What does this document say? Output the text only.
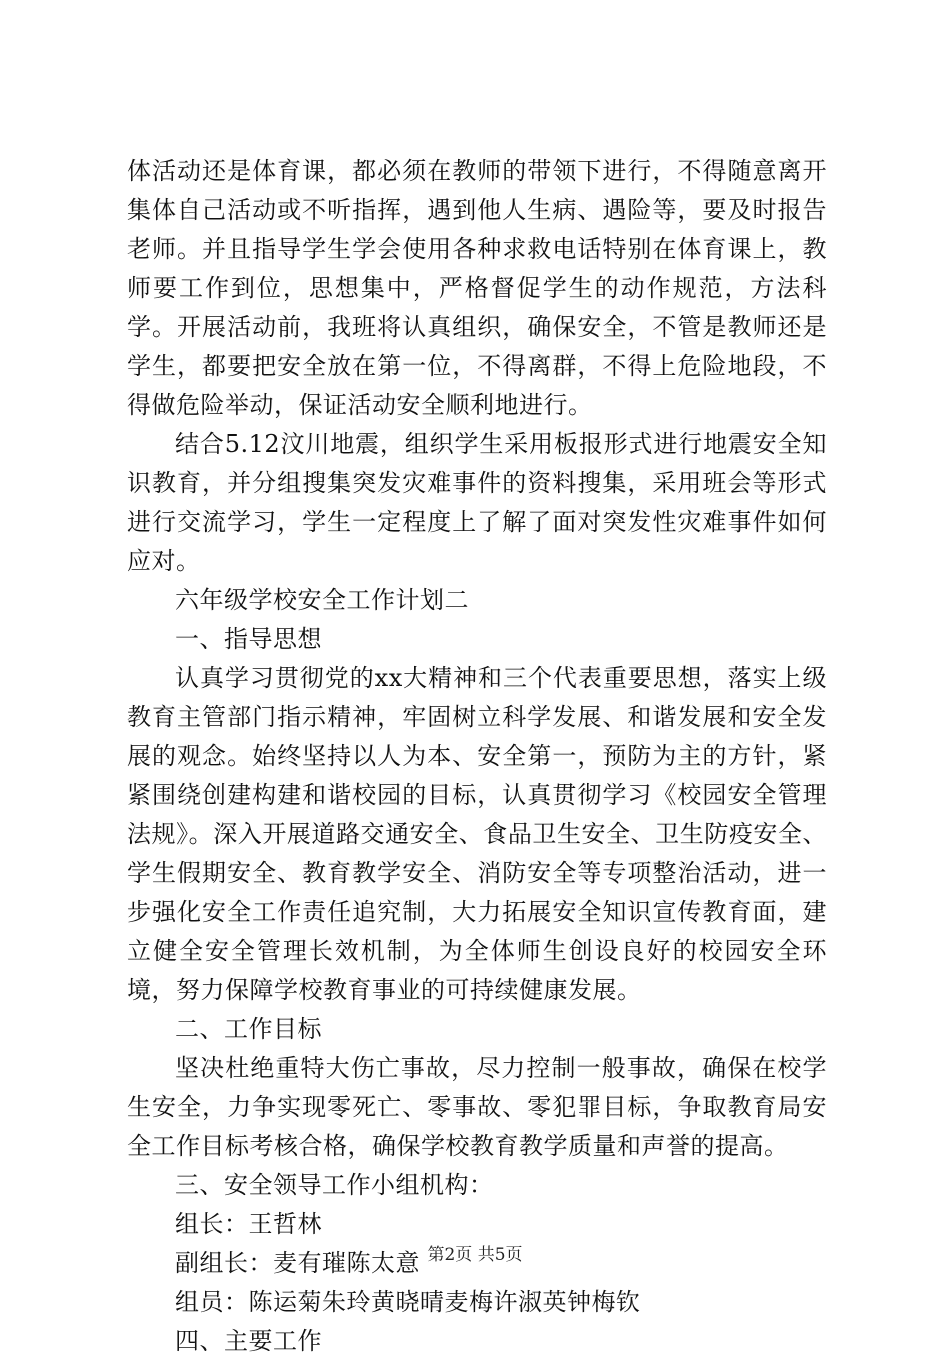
体活动还是体育课，都必须在教师的带领下进行，不得随意离开集体自己活动或不听指挥，遇到他人生病、遇险等，要及时报告老师。并且指导学生学会使用各种求救电话特别在体育课上，教师要工作到位，思想集中，严格督促学生的动作规范，方法科学。开展活动前，我班将认真组织，确保安全，不管是教师还是学生，都要把安全放在第一位，不得离群，不得上危险地段，不得做危险举动，保证活动安全顺利地进行。

结合5.12汶川地震，组织学生采用板报形式进行地震安全知识教育，并分组搜集突发灾难事件的资料搜集，采用班会等形式进行交流学习，学生一定程度上了解了面对突发性灾难事件如何应对。

六年级学校安全工作计划二

一、指导思想

认真学习贯彻党的xx大精神和三个代表重要思想，落实上级教育主管部门指示精神，牢固树立科学发展、和谐发展和安全发展的观念。始终坚持以人为本、安全第一，预防为主的方针，紧紧围绕创建构建和谐校园的目标，认真贯彻学习《校园安全管理法规》。深入开展道路交通安全、食品卫生安全、卫生防疫安全、学生假期安全、教育教学安全、消防安全等专项整治活动，进一步强化安全工作责任追究制，大力拓展安全知识宣传教育面，建立健全安全管理长效机制，为全体师生创设良好的校园安全环境，努力保障学校教育事业的可持续健康发展。

二、工作目标

坚决杜绝重特大伤亡事故，尽力控制一般事故，确保在校学生安全，力争实现零死亡、零事故、零犯罪目标，争取教育局安全工作目标考核合格，确保学校教育教学质量和声誉的提高。

三、安全领导工作小组机构：

组长：王哲林

副组长：麦有璀陈太意

组员：陈运菊朱玲黄晓晴麦梅许淑英钟梅钦

四、主要工作

第2页 共5页
